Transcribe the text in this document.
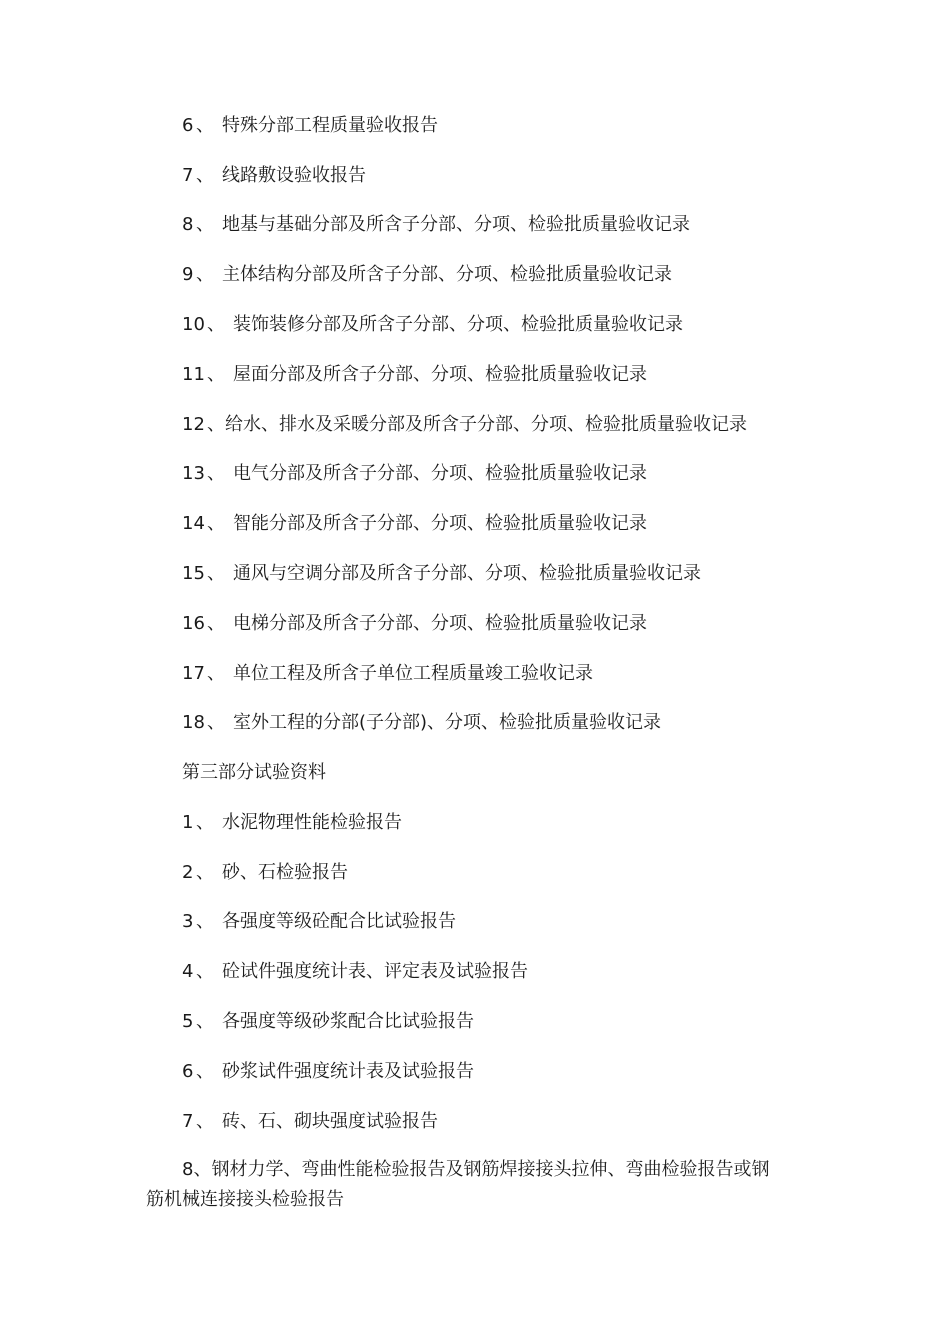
6 、 特殊分部工程质量验收报告
7 、 线路敷设验收报告
8 、 地基与基础分部及所含子分部、分项、检验批质量验收记录
9 、 主体结构分部及所含子分部、分项、检验批质量验收记录
10 、 装饰装修分部及所含子分部、分项、检验批质量验收记录
11 、 屋面分部及所含子分部、分项、检验批质量验收记录
12 、给水、排水及采暖分部及所含子分部、分项、检验批质量验收记录
13 、 电气分部及所含子分部、分项、检验批质量验收记录
14 、 智能分部及所含子分部、分项、检验批质量验收记录
15 、 通风与空调分部及所含子分部、分项、检验批质量验收记录
16 、 电梯分部及所含子分部、分项、检验批质量验收记录
17 、 单位工程及所含子单位工程质量竣工验收记录
18 、 室外工程的分部(子分部)、分项、检验批质量验收记录
第三部分试验资料
1 、 水泥物理性能检验报告
2 、 砂、石检验报告
3 、 各强度等级砼配合比试验报告
4 、 砼试件强度统计表、评定表及试验报告
5 、 各强度等级砂浆配合比试验报告
6 、 砂浆试件强度统计表及试验报告
7 、 砖、石、砌块强度试验报告
8、钢材力学、弯曲性能检验报告及钢筋焊接接头拉伸、弯曲检验报告或钢
筋机械连接接头检验报告
